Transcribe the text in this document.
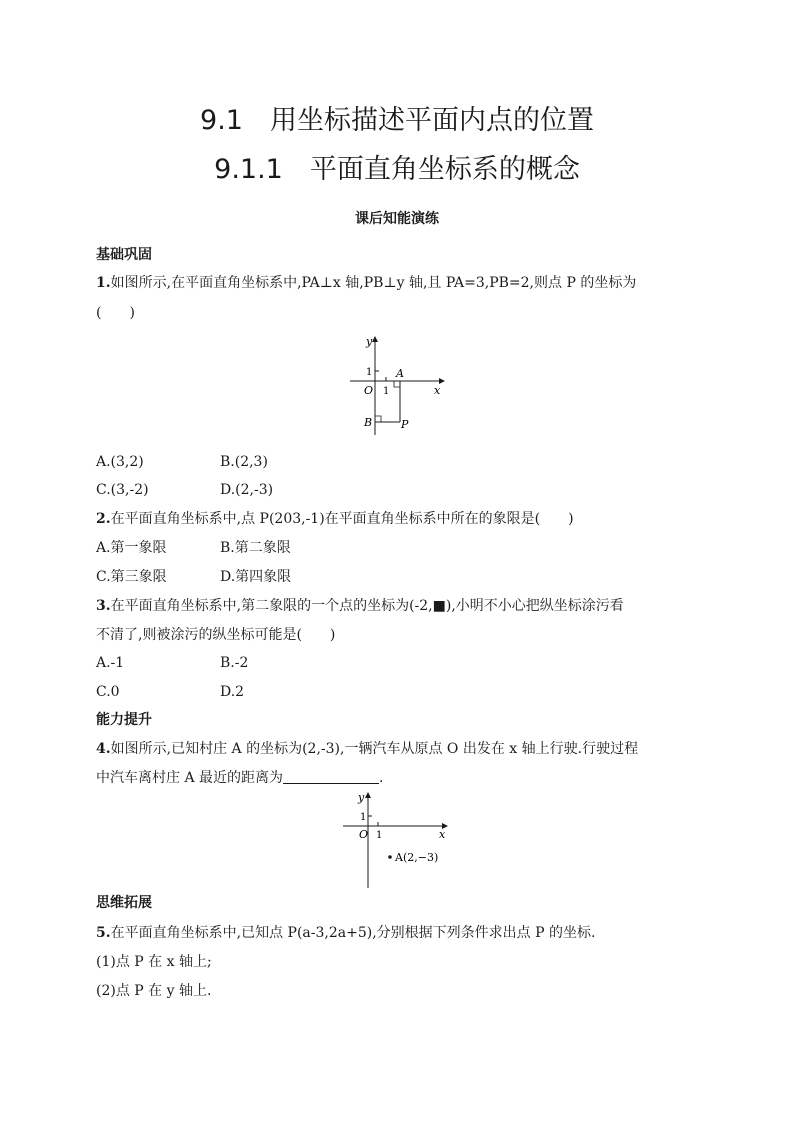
9.1　用坐标描述平面内点的位置
9.1.1　平面直角坐标系的概念
课后知能演练
基础巩固
1.如图所示,在平面直角坐标系中,PA⊥x 轴,PB⊥y 轴,且 PA=3,PB=2,则点 P 的坐标为
(　　)
y
x
1
1
O
A
B	P
A.(3,2)	B.(2,3)
C.(3,-2)	D.(2,-3)
2.在平面直角坐标系中,点 P(203,-1)在平面直角坐标系中所在的象限是(　　)
A.第一象限	B.第二象限
C.第三象限	D.第四象限
3.在平面直角坐标系中,第二象限的一个点的坐标为(-2,■),小明不小心把纵坐标涂污看
不清了,则被涂污的纵坐标可能是(　　)
A.-1	B.-2
C.0	D.2
能力提升
4.如图所示,已知村庄 A 的坐标为(2,-3),一辆汽车从原点 O 出发在 x 轴上行驶.行驶过程
中汽车离村庄 A 最近的距离为	.
y
x
1
1
O
A(2,−3)
思维拓展
5.在平面直角坐标系中,已知点 P(a-3,2a+5),分别根据下列条件求出点 P 的坐标.
(1)点 P 在 x 轴上;
(2)点 P 在 y 轴上.
